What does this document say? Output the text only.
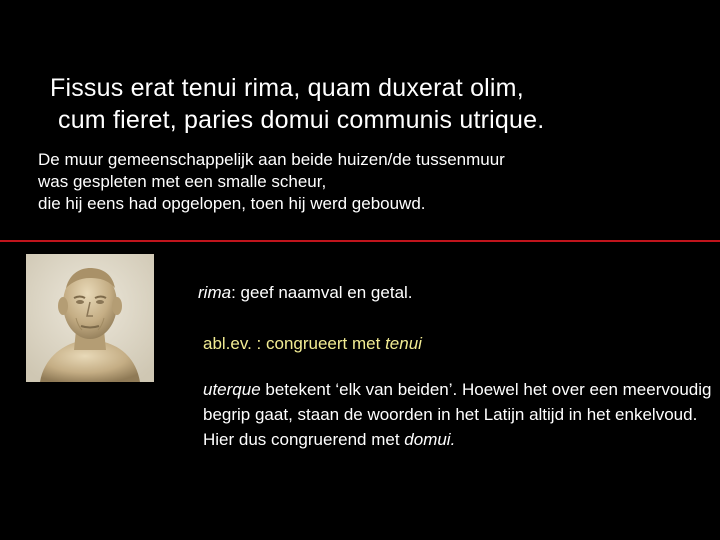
Fissus erat tenui rima, quam duxerat olim,
cum fieret, paries domui communis utrique.
De muur gemeenschappelijk aan beide huizen/de tussenmuur
was gespleten met een smalle scheur,
die hij eens had opgelopen, toen hij werd gebouwd.
rima: geef naamval en getal.
abl.ev. : congrueert met tenui
uterque betekent ‘elk van beiden’. Hoewel het over een meervoudig begrip gaat, staan de woorden in het Latijn altijd in het enkelvoud. Hier dus congruerend met domui.
